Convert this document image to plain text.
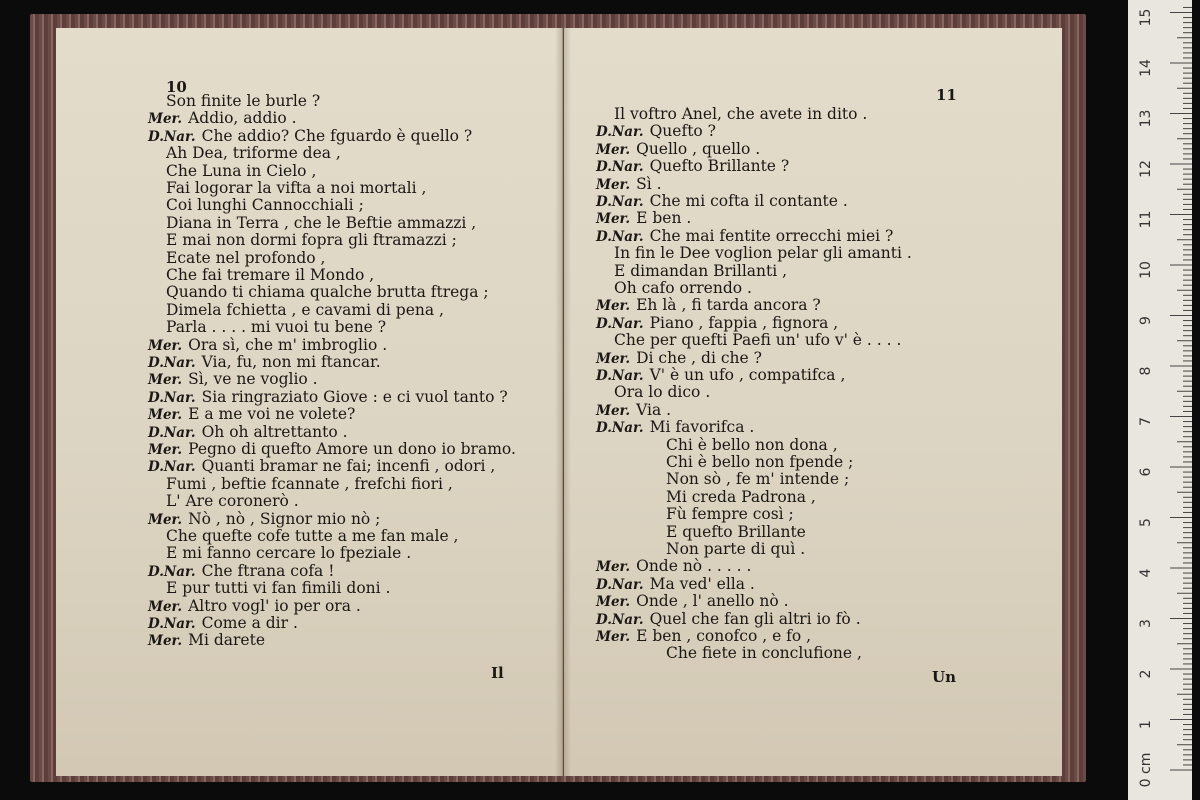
10
Son finite le burle ?
Mer. Addio, addio .
D.Nar. Che addio? Che fguardo è quello ?
Ah Dea, triforme dea ,
Che Luna in Cielo ,
Fai logorar la vifta a noi mortali ,
Coi lunghi Cannocchiali ;
Diana in Terra , che le Beftie ammazzi ,
E mai non dormi fopra gli ftramazzi ;
Ecate nel profondo ,
Che fai tremare il Mondo ,
Quando ti chiama qualche brutta ftrega ;
Dimela fchietta , e cavami di pena ,
Parla . . . . mi vuoi tu bene ?
Mer. Ora sì, che m' imbroglio .
D.Nar. Via, fu, non mi ftancar.
Mer. Sì, ve ne voglio .
D.Nar. Sia ringraziato Giove : e ci vuol tanto ?
Mer. E a me voi ne volete?
D.Nar. Oh oh altrettanto .
Mer. Pegno di quefto Amore un dono io bramo.
D.Nar. Quanti bramar ne fai; incenfi , odori ,
Fumi , beftie fcannate , frefchi fiori ,
L' Are coronerò .
Mer. Nò , nò , Signor mio nò ;
Che quefte cofe tutte a me fan male ,
E mi fanno cercare lo fpeziale .
D.Nar. Che ftrana cofa !
E pur tutti vi fan fimili doni .
Mer. Altro vogl' io per ora .
D.Nar. Come a dir .
Mer. Mi darete
Il
11
Il voftro Anel, che avete in dito .
D.Nar. Quefto ?
Mer. Quello , quello .
D.Nar. Quefto Brillante ?
Mer. Sì .
D.Nar. Che mi cofta il contante .
Mer. E ben .
D.Nar. Che mai fentite orrecchi miei ?
In fin le Dee voglion pelar gli amanti .
E dimandan Brillanti ,
Oh cafo orrendo .
Mer. Eh là , fi tarda ancora ?
D.Nar. Piano , fappia , fignora ,
Che per quefti Paefi un' ufo v' è . . . .
Mer. Di che , di che ?
D.Nar. V' è un ufo , compatifca ,
Ora lo dico .
Mer. Via .
D.Nar. Mi favorifca .
Chi è bello non dona ,
Chi è bello non fpende ;
Non sò , fe m' intende ;
Mi creda Padrona ,
Fù fempre così ;
E quefto Brillante
Non parte di quì .
Mer. Onde nò . . . . .
D.Nar. Ma ved' ella .
Mer. Onde , l' anello nò .
D.Nar. Quel che fan gli altri io fò .
Mer. E ben , conofco , e fo ,
Che fiete in conclufione ,
Un
1
2
3
4
5
6
7
8
9
10
11
12
13
14
15
0 cm
